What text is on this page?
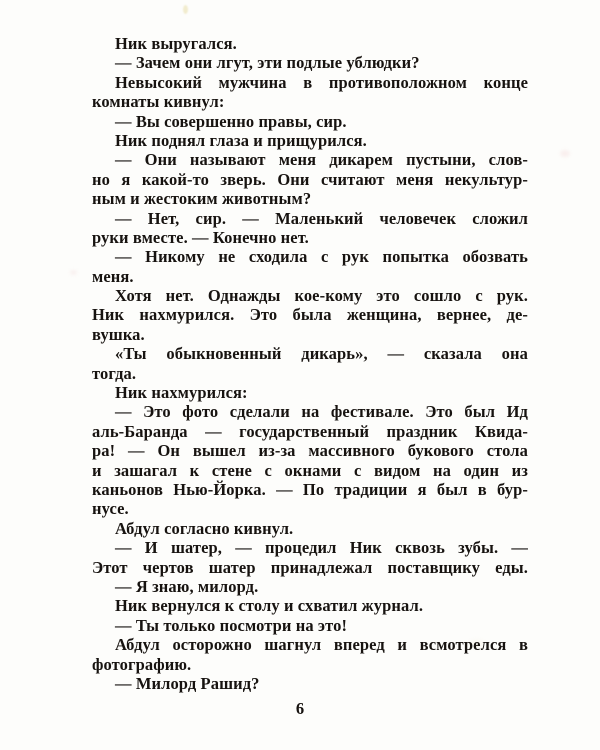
Ник выругался.
— Зачем они лгут, эти подлые ублюдки?
Невысокий мужчина в противоположном конце
комнаты кивнул:
— Вы совершенно правы, сир.
Ник поднял глаза и прищурился.
— Они называют меня дикарем пустыни, слов-
но я какой-то зверь. Они считают меня некультур-
ным и жестоким животным?
— Нет, сир. — Маленький человечек сложил
руки вместе. — Конечно нет.
— Никому не сходила с рук попытка обозвать
меня.
Хотя нет. Однажды кое-кому это сошло с рук.
Ник нахмурился. Это была женщина, вернее, де-
вушка.
«Ты обыкновенный дикарь», — сказала она
тогда.
Ник нахмурился:
— Это фото сделали на фестивале. Это был Ид
аль-Баранда — государственный праздник Квида-
ра! — Он вышел из-за массивного букового стола
и зашагал к стене с окнами с видом на один из
каньонов Нью-Йорка. — По традиции я был в бур-
нусе.
Абдул согласно кивнул.
— И шатер, — процедил Ник сквозь зубы. —
Этот чертов шатер принадлежал поставщику еды.
— Я знаю, милорд.
Ник вернулся к столу и схватил журнал.
— Ты только посмотри на это!
Абдул осторожно шагнул вперед и всмотрелся в
фотографию.
— Милорд Рашид?
6
